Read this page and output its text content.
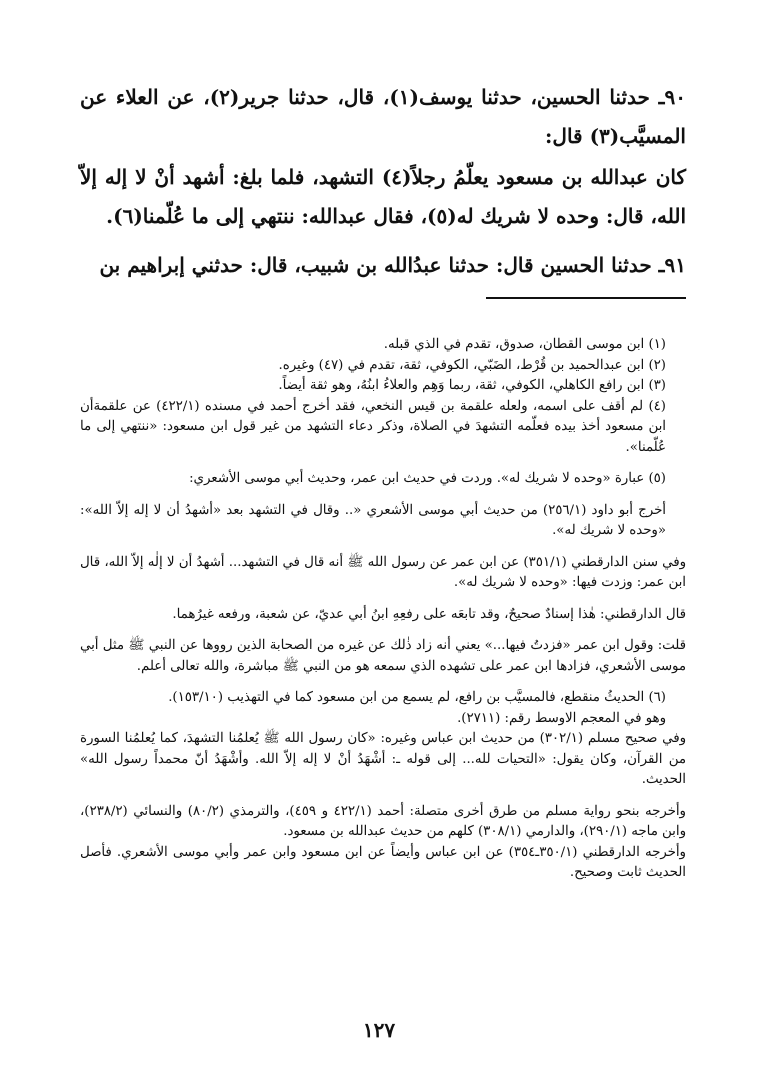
٩٠ـ حدثنا الحسين، حدثنا يوسف(١)، قال، حدثنا جرير(٢)، عن العلاء عن المسيَّب(٣) قال:

كان عبدالله بن مسعود يعلّمُ رجلاً(٤) التشهد، فلما بلغ: أشهد أنْ لا إله إلاّ الله، قال: وحده لا شريك له(٥)، فقال عبدالله: ننتهي إلى ما عُلّمنا(٦).

٩١ـ حدثنا الحسين قال: حدثنا عبدُالله بن شبيب، قال: حدثني إبراهيم بن

(١) ابن موسى القطان، صدوق، تقدم في الذي قبله.

(٢) ابن عبدالحميد بن قُرْط، الضَبّي، الكوفي، ثقة، تقدم في (٤٧) وغيره.

(٣) ابن رافع الكاهلي، الكوفي، ثقة، ربما وَهِم والعلاءُ ابنُهُ، وهو ثقة أيضاً.

(٤) لم أقف على اسمه، ولعله علقمة بن قيس النخعي، فقد أخرج أحمد في مسنده (٤٢٢/١) عن علقمةأن ابن مسعود أخذ بيده فعلّمه التشهدَ في الصلاة، وذكر دعاء التشهد من غير قول ابن مسعود: «ننتهي إلى ما عُلّمنا».

(٥) عبارة «وحده لا شريك له». وردت في حديث ابن عمر، وحديث أبي موسى الأشعري:

أخرج أبو داود (٢٥٦/١) من حديث أبي موسى الأشعري «.. وقال في التشهد بعد «أشهدُ أن لا إله إلاّ الله»: «وحده لا شريك له».

وفي سنن الدارقطني (٣٥١/١) عن ابن عمر عن رسول الله ﷺ أنه قال في التشهد... أشهدُ أن لا إلٰه إلاّ الله، قال ابن عمر: وزدت فيها: «وحده لا شريك له».

قال الدارقطني: هٰذا إسنادٌ صحيحٌ، وقد تابعَه على رفعِهِ ابنُ أبي عديّ، عن شعبة، ورفعه غيرُهما.

قلت: وقول ابن عمر «فزدتُ فيها...» يعني أنه زاد ذٰلك عن غيره من الصحابة الذين رووها عن النبي ﷺ مثل أبي موسى الأشعري، فزادها ابن عمر على تشهده الذي سمعه هو من النبي ﷺ مباشرة، والله تعالى أعلم.

(٦) الحديثُ منقطع، فالمسيَّب بن رافع، لم يسمع من ابن مسعود كما في التهذيب (١٥٣/١٠).

وهو في المعجم الاوسط رقم: (٢٧١١).

وفي صحيح مسلم (٣٠٢/١) من حديث ابن عباس وغيره: «كان رسول الله ﷺ يُعلمُنا التشهدَ، كما يُعلمُنا السورة من القرآن، وكان يقول: «التحيات لله... إلى قوله ـ: أشْهَدُ أنْ لا إله إلاّ الله. وأشْهَدُ أنّ محمداً رسول الله» الحديث.

وأخرجه بنحو رواية مسلم من طرق أخرى متصلة: أحمد (٤٢٢/١ و ٤٥٩)، والترمذي (٨٠/٢) والنسائي (٢٣٨/٢)، وابن ماجه (٢٩٠/١)، والدارمي (٣٠٨/١) كلهم من حديث عبدالله بن مسعود.

وأخرجه الدارقطني (٣٥٠/١ـ٣٥٤) عن ابن عباس وأيضاً عن ابن مسعود وابن عمر وأبي موسى الأشعري. فأصل الحديث ثابت وصحيح.

١٢٧
